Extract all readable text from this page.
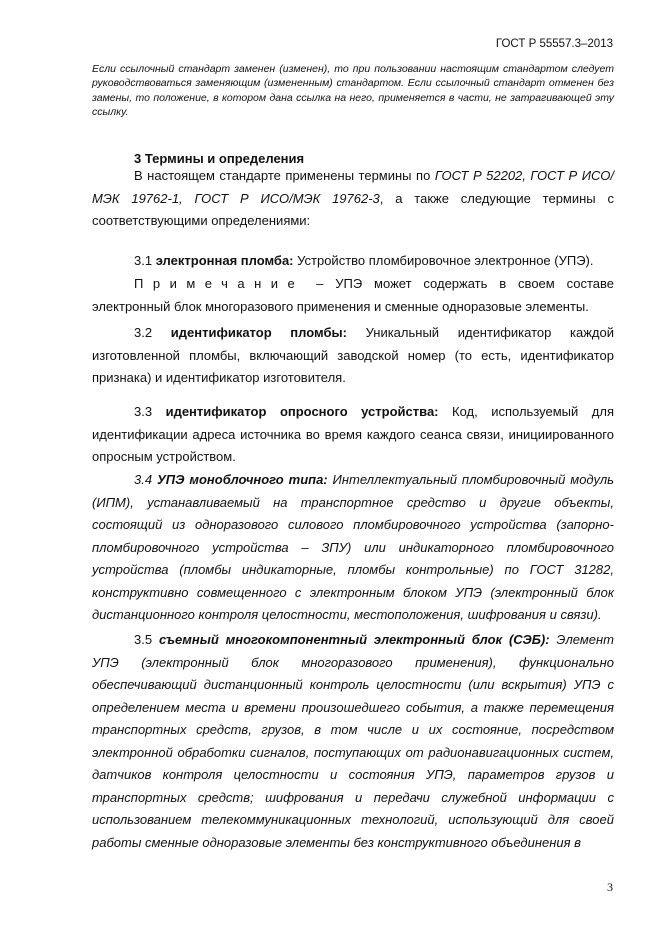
ГОСТ Р 55557.3–2013
Если ссылочный стандарт заменен (изменен), то при пользовании настоящим стандартом следует руководствоваться заменяющим (измененным) стандартом. Если ссылочный стандарт отменен без замены, то положение, в котором дана ссылка на него, применяется в части, не затрагивающей эту ссылку.
3 Термины и определения
В настоящем стандарте применены термины по ГОСТ Р 52202, ГОСТ Р ИСО/МЭК 19762-1, ГОСТ Р ИСО/МЭК 19762-3, а также следующие термины с соответствующими определениями:
3.1 электронная пломба: Устройство пломбировочное электронное (УПЭ).
Примечание – УПЭ может содержать в своем составе электронный блок многоразового применения и сменные одноразовые элементы.
3.2 идентификатор пломбы: Уникальный идентификатор каждой изготовленной пломбы, включающий заводской номер (то есть, идентификатор признака) и идентификатор изготовителя.
3.3 идентификатор опросного устройства: Код, используемый для идентификации адреса источника во время каждого сеанса связи, инициированного опросным устройством.
3.4 УПЭ моноблочного типа: Интеллектуальный пломбировочный модуль (ИПМ), устанавливаемый на транспортное средство и другие объекты, состоящий из одноразового силового пломбировочного устройства (запорно-пломбировочного устройства – ЗПУ) или индикаторного пломбировочного устройства (пломбы индикаторные, пломбы контрольные) по ГОСТ 31282, конструктивно совмещенного с электронным блоком УПЭ (электронный блок дистанционного контроля целостности, местоположения, шифрования и связи).
3.5 съемный многокомпонентный электронный блок (СЭБ): Элемент УПЭ (электронный блок многоразового применения), функционально обеспечивающий дистанционный контроль целостности (или вскрытия) УПЭ с определением места и времени произошедшего события, а также перемещения транспортных средств, грузов, в том числе и их состояние, посредством электронной обработки сигналов, поступающих от радионавигационных систем, датчиков контроля целостности и состояния УПЭ, параметров грузов и транспортных средств; шифрования и передачи служебной информации с использованием телекоммуникационных технологий, использующий для своей работы сменные одноразовые элементы без конструктивного объединения в
3
